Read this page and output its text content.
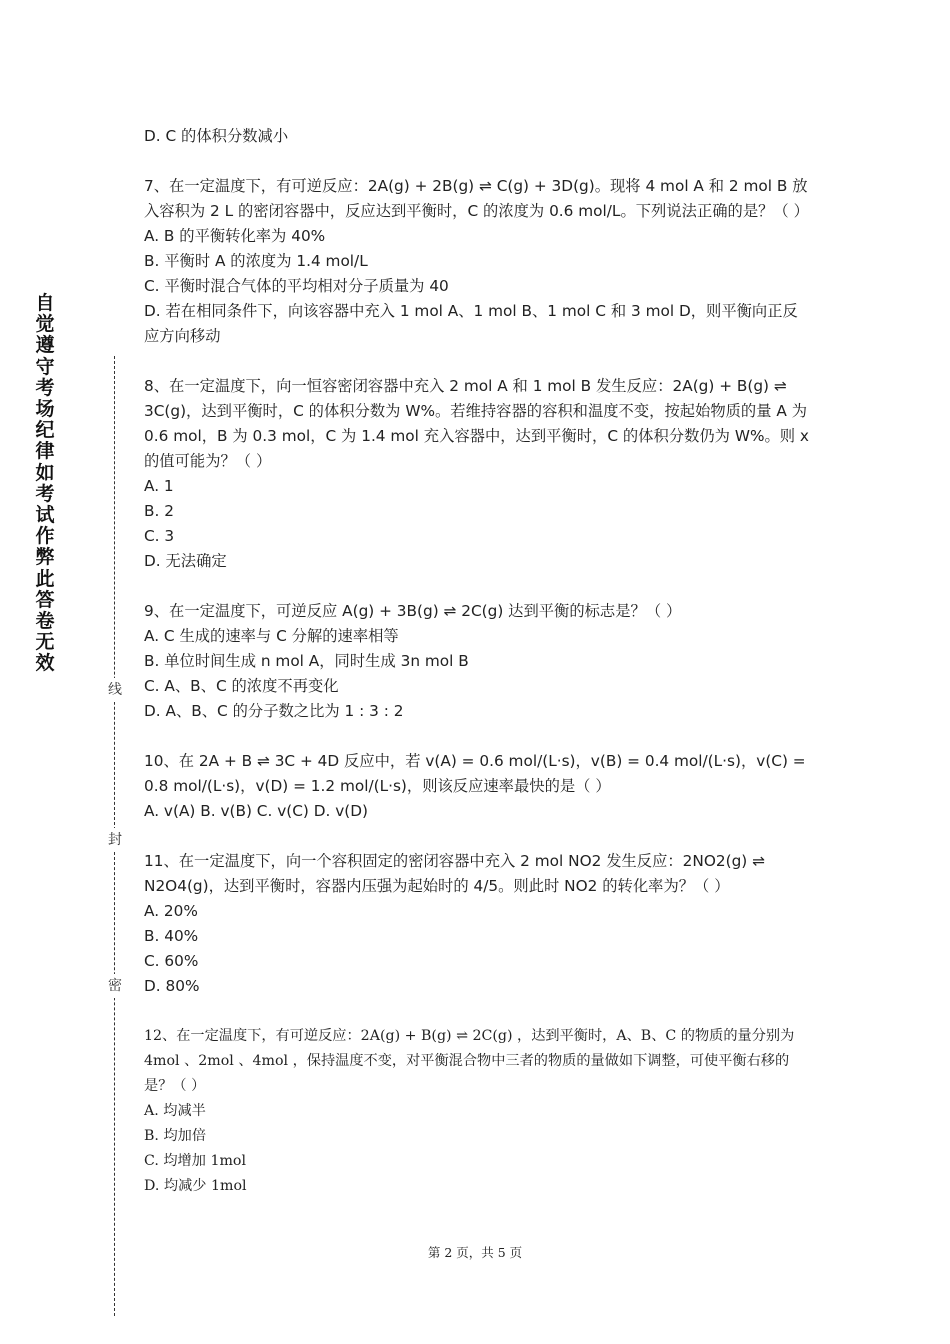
自觉遵守考场纪律如考试作弊此答卷无效
线
封
密

D. C 的体积分数减小

7、在一定温度下，有可逆反应：2A(g) + 2B(g) ⇌ C(g) + 3D(g)。现将 4 mol A 和 2 mol B 放入容积为 2 L 的密闭容器中，反应达到平衡时，C 的浓度为 0.6 mol/L。下列说法正确的是？（ ）

A. B 的平衡转化率为 40%

B. 平衡时 A 的浓度为 1.4 mol/L

C. 平衡时混合气体的平均相对分子质量为 40

D. 若在相同条件下，向该容器中充入 1 mol A、1 mol B、1 mol C 和 3 mol D，则平衡向正反应方向移动

8、在一定温度下，向一恒容密闭容器中充入 2 mol A 和 1 mol B 发生反应：2A(g) + B(g) ⇌ 3C(g)，达到平衡时，C 的体积分数为 W%。若维持容器的容积和温度不变，按起始物质的量 A 为 0.6 mol，B 为 0.3 mol，C 为 1.4 mol 充入容器中，达到平衡时，C 的体积分数仍为 W%。则 x 的值可能为？（ ）

A. 1

B. 2

C. 3

D. 无法确定

9、在一定温度下，可逆反应 A(g) + 3B(g) ⇌ 2C(g) 达到平衡的标志是？（ ）

A. C 生成的速率与 C 分解的速率相等

B. 单位时间生成 n mol A，同时生成 3n mol B

C. A、B、C 的浓度不再变化

D. A、B、C 的分子数之比为 1 : 3 : 2

10、在 2A + B ⇌ 3C + 4D 反应中，若 v(A) = 0.6 mol/(L·s)，v(B) = 0.4 mol/(L·s)，v(C) = 0.8 mol/(L·s)，v(D) = 1.2 mol/(L·s)，则该反应速率最快的是（ ）

A. v(A) B. v(B) C. v(C) D. v(D)

11、在一定温度下，向一个容积固定的密闭容器中充入 2 mol NO2 发生反应：2NO2(g) ⇌ N2O4(g)，达到平衡时，容器内压强为起始时的 4/5。则此时 NO2 的转化率为？（ ）

A. 20%

B. 40%

C. 60%

D. 80%

12、在一定温度下，有可逆反应：2A(g) + B(g) ⇌ 2C(g) ，达到平衡时，A、B、C 的物质的量分别为 4mol 、2mol 、4mol ，保持温度不变，对平衡混合物中三者的物质的量做如下调整，可使平衡右移的是？（ ）

A. 均减半

B. 均加倍

C. 均增加 1mol

D. 均减少 1mol

第 2 页，共 5 页
